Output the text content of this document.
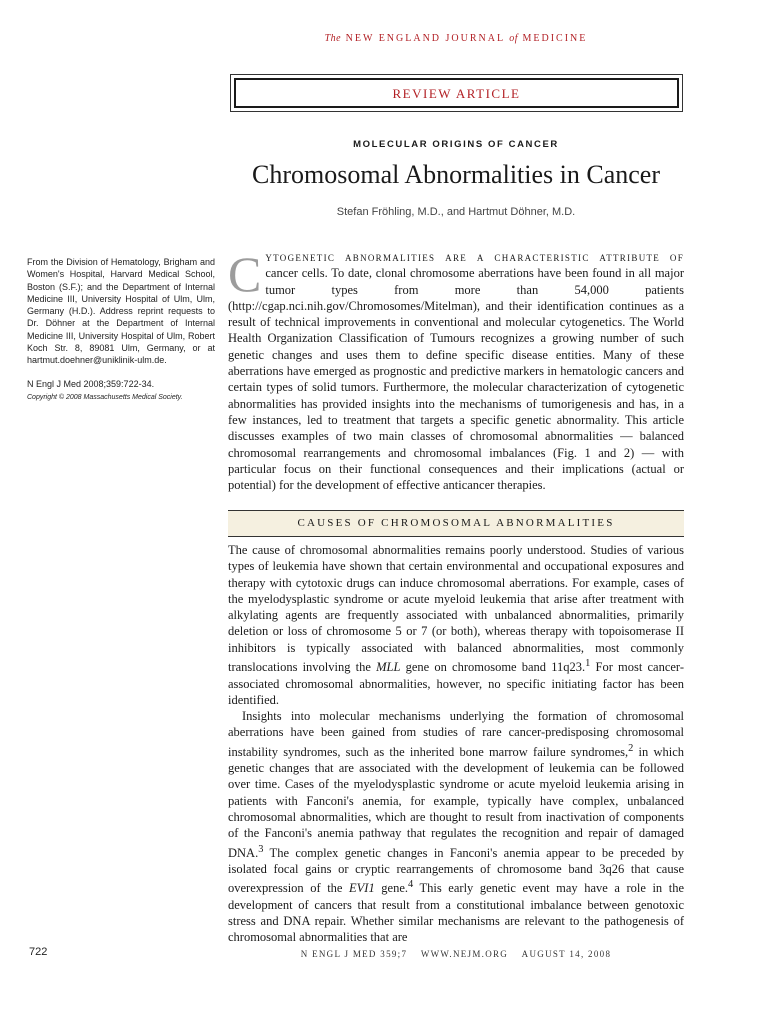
The NEW ENGLAND JOURNAL of MEDICINE
REVIEW ARTICLE
MOLECULAR ORIGINS OF CANCER
Chromosomal Abnormalities in Cancer
Stefan Fröhling, M.D., and Hartmut Döhner, M.D.

From the Division of Hematology, Brigham and Women's Hospital, Harvard Medical School, Boston (S.F.); and the Department of Internal Medicine III, University Hospital of Ulm, Ulm, Germany (H.D.). Address reprint requests to Dr. Döhner at the Department of Internal Medicine III, University Hospital of Ulm, Robert Koch Str. 8, 89081 Ulm, Germany, or at hartmut.doehner@uniklinik-ulm.de.

N Engl J Med 2008;359:722-34.

Copyright © 2008 Massachusetts Medical Society.

Cytogenetic abnormalities are a characteristic attribute of cancer cells. To date, clonal chromosome aberrations have been found in all major tumor types from more than 54,000 patients (http://cgap.nci.nih.gov/Chromosomes/Mitelman), and their identification continues as a result of technical improvements in conventional and molecular cytogenetics. The World Health Organization Classification of Tumours recognizes a growing number of such genetic changes and uses them to define specific disease entities. Many of these aberrations have emerged as prognostic and predictive markers in hematologic cancers and certain types of solid tumors. Furthermore, the molecular characterization of cytogenetic abnormalities has provided insights into the mechanisms of tumorigenesis and has, in a few instances, led to treatment that targets a specific genetic abnormality. This article discusses examples of two main classes of chromosomal abnormalities — balanced chromosomal rearrangements and chromosomal imbalances (Fig. 1 and 2) — with particular focus on their functional consequences and their implications (actual or potential) for the development of effective anticancer therapies.

CAUSES OF CHROMOSOMAL ABNORMALITIES

The cause of chromosomal abnormalities remains poorly understood. Studies of various types of leukemia have shown that certain environmental and occupational exposures and therapy with cytotoxic drugs can induce chromosomal aberrations. For example, cases of the myelodysplastic syndrome or acute myeloid leukemia that arise after treatment with alkylating agents are frequently associated with unbalanced abnormalities, primarily deletion or loss of chromosome 5 or 7 (or both), whereas therapy with topoisomerase II inhibitors is typically associated with balanced abnormalities, most commonly translocations involving the MLL gene on chromosome band 11q23.$^1$ For most cancer-associated chromosomal abnormalities, however, no specific initiating factor has been identified.

Insights into molecular mechanisms underlying the formation of chromosomal aberrations have been gained from studies of rare cancer-predisposing chromosomal instability syndromes, such as the inherited bone marrow failure syndromes,$^2$ in which genetic changes that are associated with the development of leukemia can be followed over time. Cases of the myelodysplastic syndrome or acute myeloid leukemia arising in patients with Fanconi's anemia, for example, typically have complex, unbalanced chromosomal abnormalities, which are thought to result from inactivation of components of the Fanconi's anemia pathway that regulates the recognition and repair of damaged DNA.$^3$ The complex genetic changes in Fanconi's anemia appear to be preceded by isolated focal gains or cryptic rearrangements of chromosome band 3q26 that cause overexpression of the EVI1 gene.$^4$ This early genetic event may have a role in the development of cancers that result from a constitutional imbalance between genotoxic stress and DNA repair. Whether similar mechanisms are relevant to the pathogenesis of chromosomal abnormalities that are

N ENGL J MED 359;7 WWW.NEJM.ORG AUGUST 14, 2008
722
